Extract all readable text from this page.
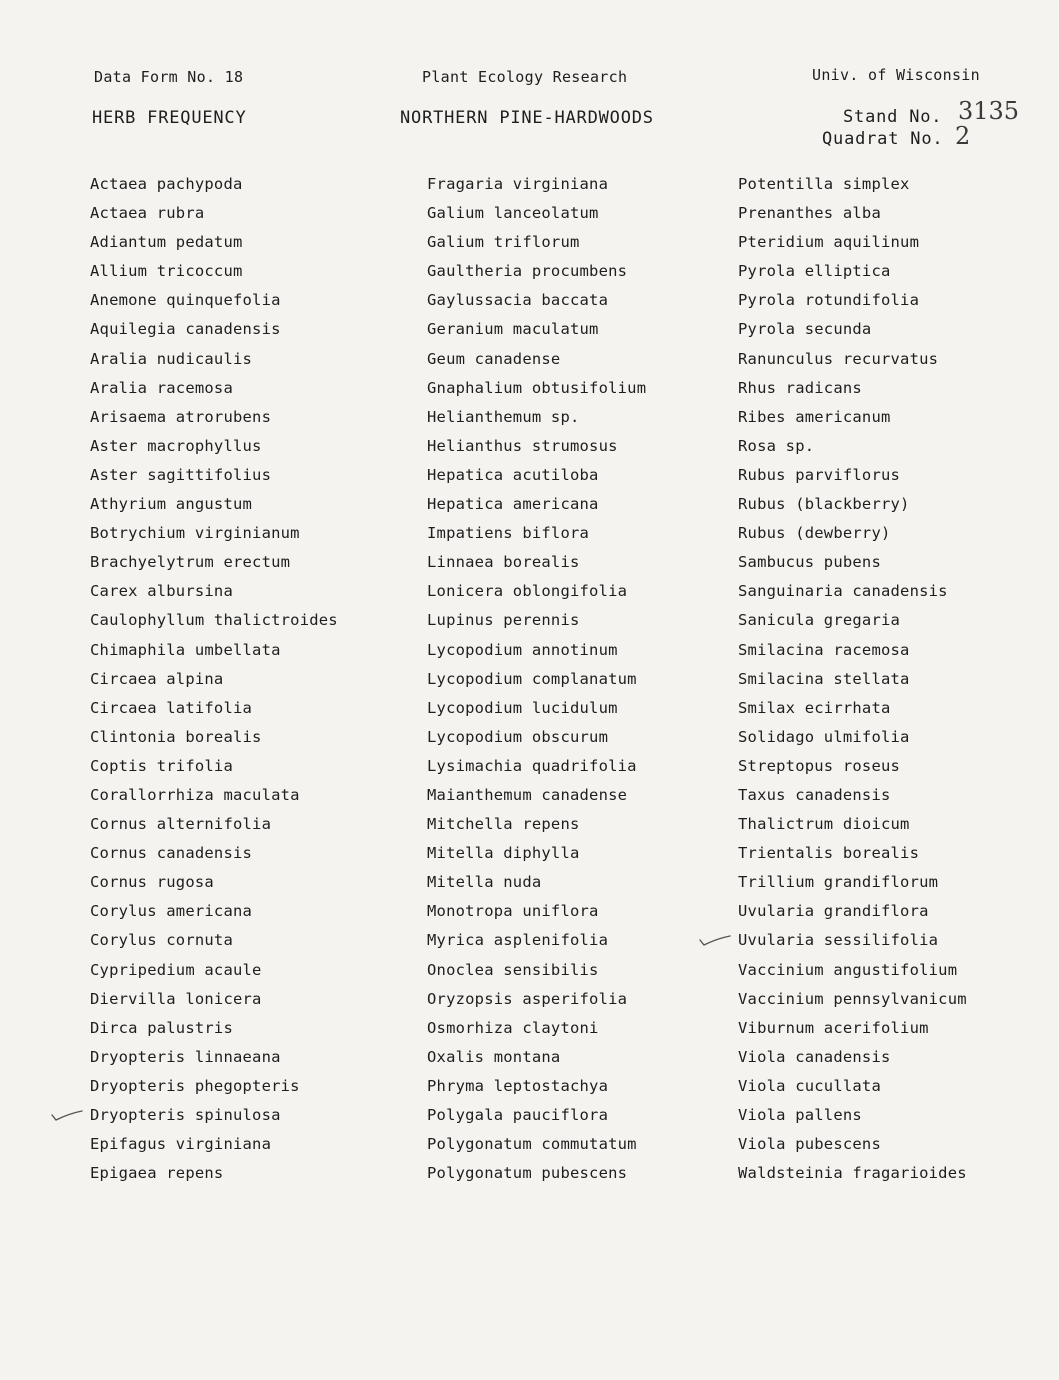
Data Form No. 18	Plant Ecology Research	Univ. of Wisconsin
HERB FREQUENCY	NORTHERN PINE-HARDWOODS	Stand No. 3135
Quadrat No. 2
Actaea pachypoda
Actaea rubra
Adiantum pedatum
Allium tricoccum
Anemone quinquefolia
Aquilegia canadensis
Aralia nudicaulis
Aralia racemosa
Arisaema atrorubens
Aster macrophyllus
Aster sagittifolius
Athyrium angustum
Botrychium virginianum
Brachyelytrum erectum
Carex albursina
Caulophyllum thalictroides
Chimaphila umbellata
Circaea alpina
Circaea latifolia
Clintonia borealis
Coptis trifolia
Corallorrhiza maculata
Cornus alternifolia
Cornus canadensis
Cornus rugosa
Corylus americana
Corylus cornuta
Cypripedium acaule
Diervilla lonicera
Dirca palustris
Dryopteris linnaeana
Dryopteris phegopteris
Dryopteris spinulosa
Epifagus virginiana
Epigaea repens
Fragaria virginiana
Galium lanceolatum
Galium triflorum
Gaultheria procumbens
Gaylussacia baccata
Geranium maculatum
Geum canadense
Gnaphalium obtusifolium
Helianthemum sp.
Helianthus strumosus
Hepatica acutiloba
Hepatica americana
Impatiens biflora
Linnaea borealis
Lonicera oblongifolia
Lupinus perennis
Lycopodium annotinum
Lycopodium complanatum
Lycopodium lucidulum
Lycopodium obscurum
Lysimachia quadrifolia
Maianthemum canadense
Mitchella repens
Mitella diphylla
Mitella nuda
Monotropa uniflora
Myrica asplenifolia
Onoclea sensibilis
Oryzopsis asperifolia
Osmorhiza claytoni
Oxalis montana
Phryma leptostachya
Polygala pauciflora
Polygonatum commutatum
Polygonatum pubescens
Potentilla simplex
Prenanthes alba
Pteridium aquilinum
Pyrola elliptica
Pyrola rotundifolia
Pyrola secunda
Ranunculus recurvatus
Rhus radicans
Ribes americanum
Rosa sp.
Rubus parviflorus
Rubus (blackberry)
Rubus (dewberry)
Sambucus pubens
Sanguinaria canadensis
Sanicula gregaria
Smilacina racemosa
Smilacina stellata
Smilax ecirrhata
Solidago ulmifolia
Streptopus roseus
Taxus canadensis
Thalictrum dioicum
Trientalis borealis
Trillium grandiflorum
Uvularia grandiflora
Uvularia sessilifolia
Vaccinium angustifolium
Vaccinium pennsylvanicum
Viburnum acerifolium
Viola canadensis
Viola cucullata
Viola pallens
Viola pubescens
Waldsteinia fragarioides
